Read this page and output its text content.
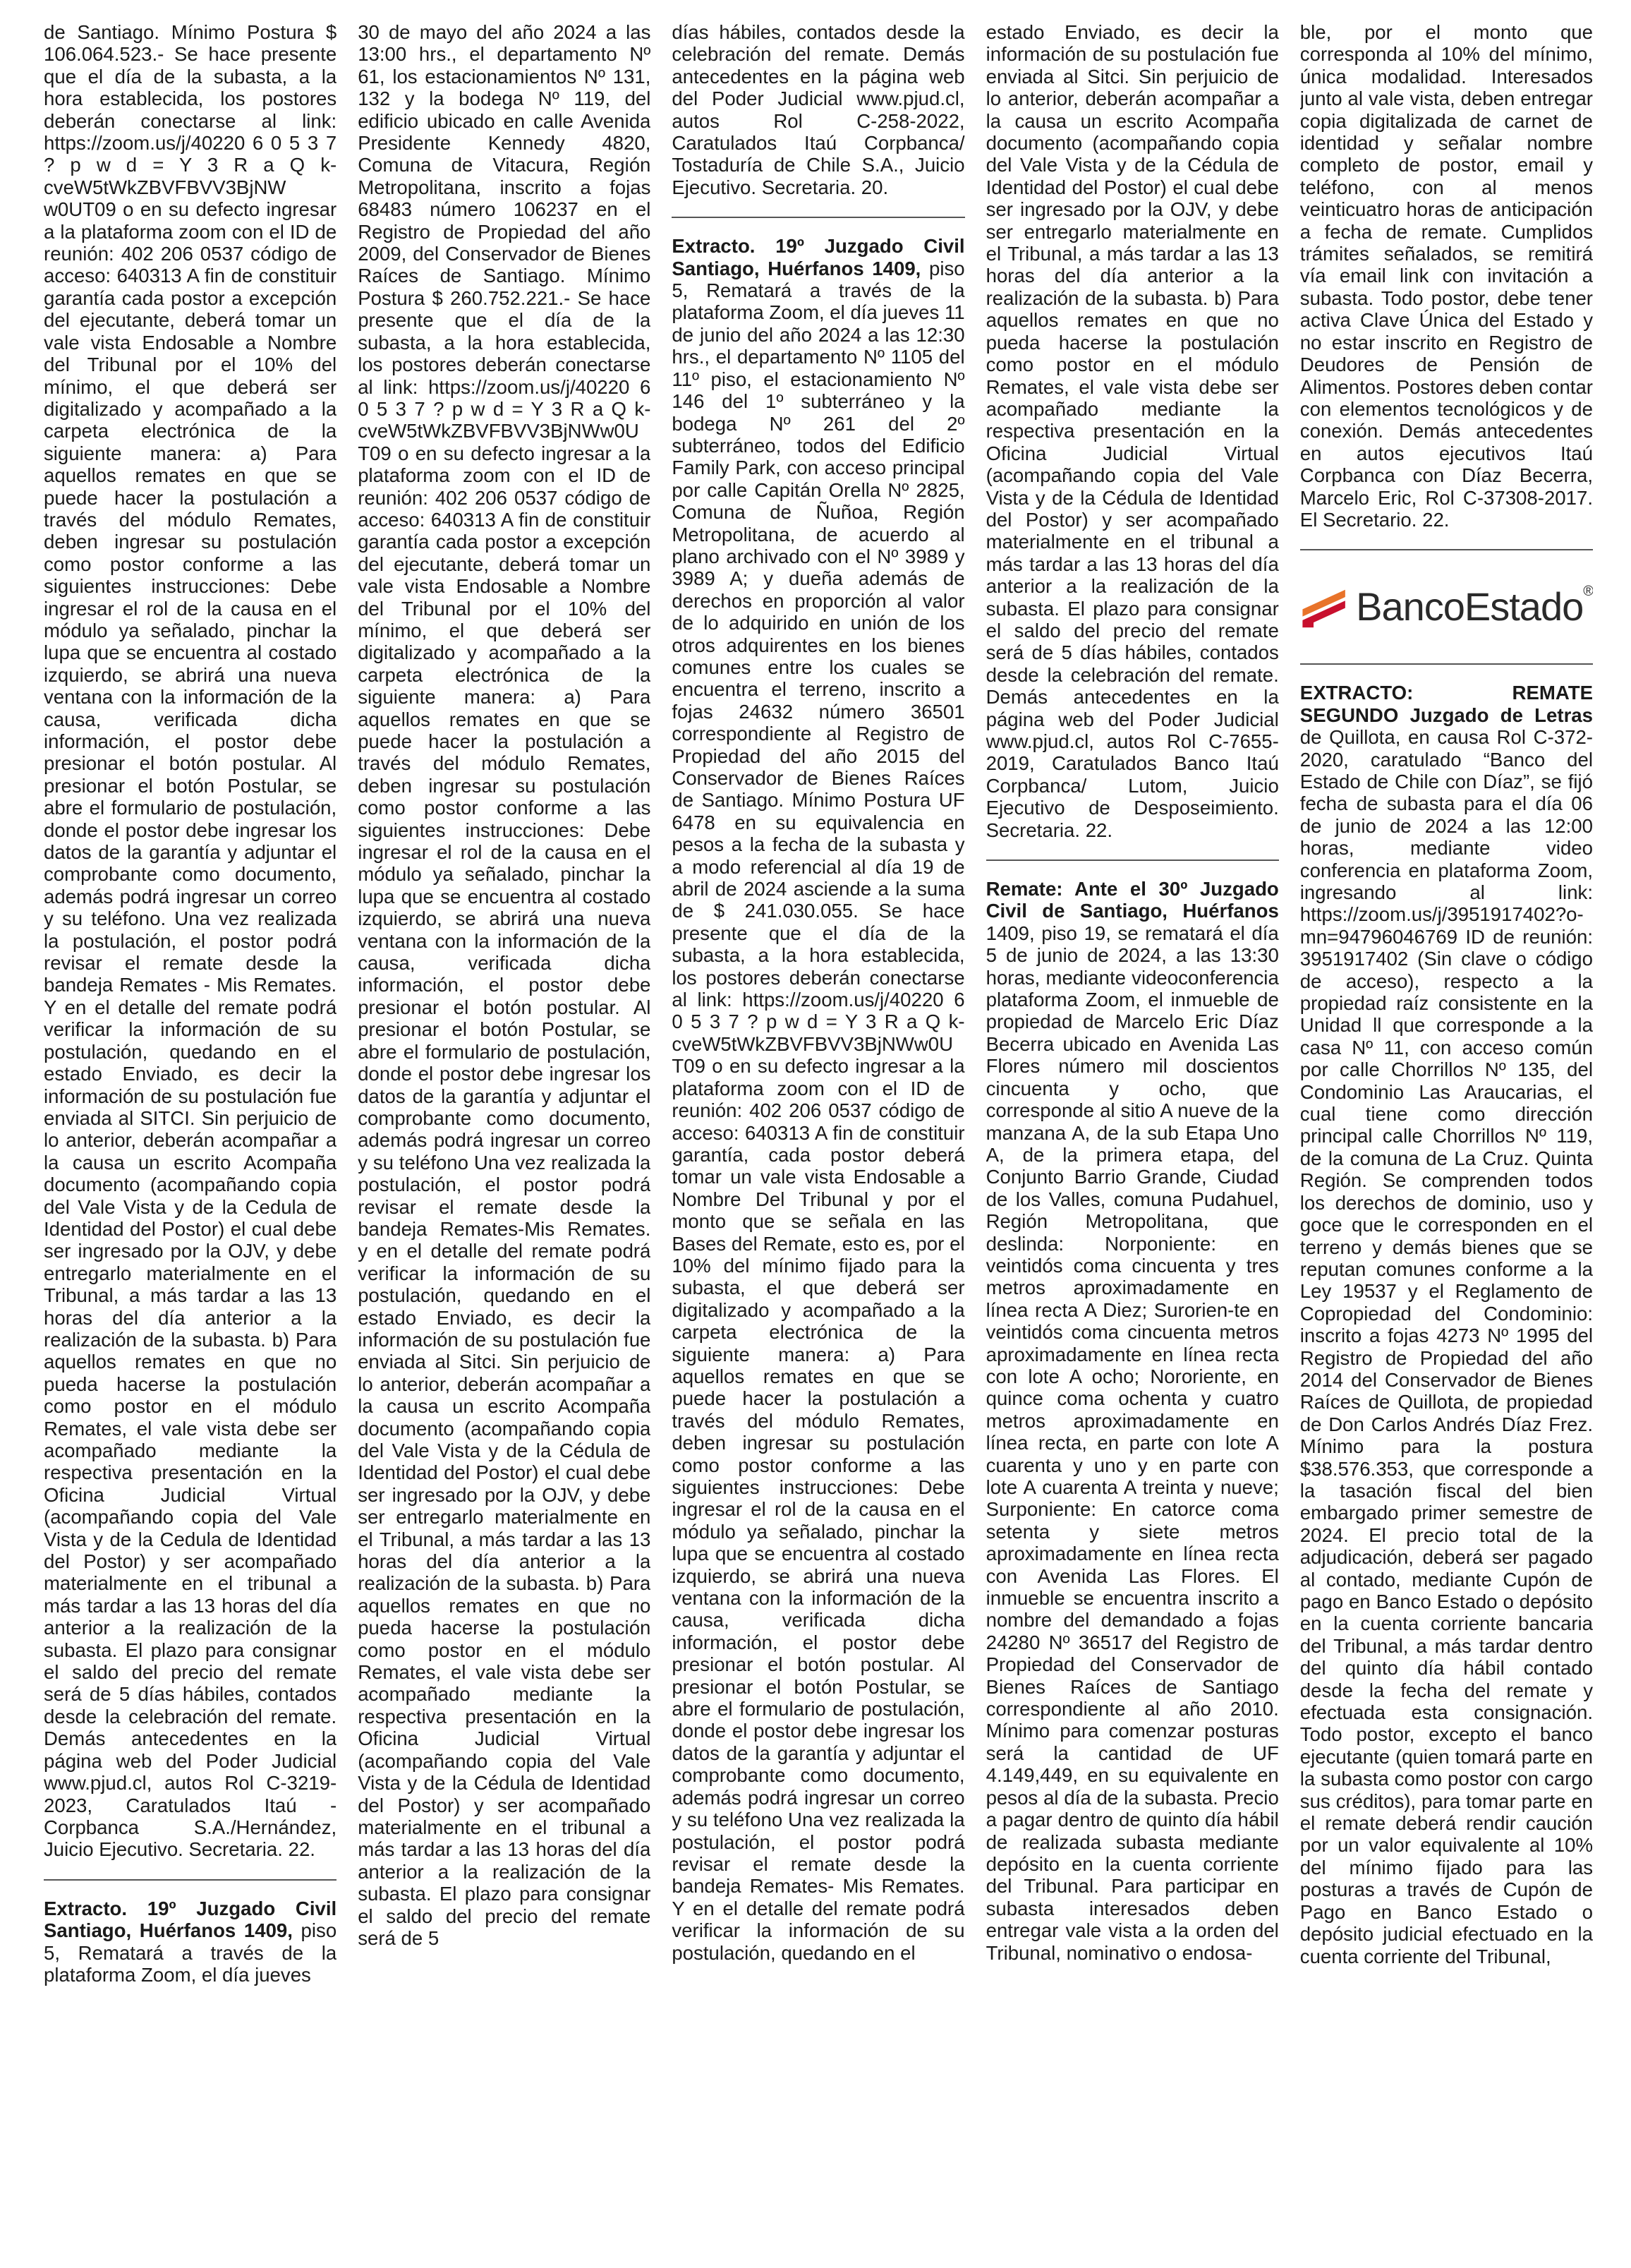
de Santiago. Mínimo Postura $ 106.064.523.- Se hace presente que el día de la subasta, a la hora establecida, los postores deberán conectarse al link: https://zoom.us/j/40220 6 0 5 3 7 ? p w d = Y 3 R a Q k-cveW5tWkZBVFBVV3BjNW w0UT09 o en su defecto ingresar a la plataforma zoom con el ID de reunión: 402 206 0537 código de acceso: 640313 A fin de constituir garantía cada postor a excepción del ejecutante, deberá tomar un vale vista Endosable a Nombre del Tribunal por el 10% del mínimo, el que deberá ser digitalizado y acompañado a la carpeta electrónica de la siguiente manera: a) Para aquellos remates en que se puede hacer la postulación a través del módulo Remates, deben ingresar su postulación como postor conforme a las siguientes instrucciones: Debe ingresar el rol de la causa en el módulo ya señalado, pinchar la lupa que se encuentra al costado izquierdo, se abrirá una nueva ventana con la información de la causa, verificada dicha información, el postor debe presionar el botón postular. Al presionar el botón Postular, se abre el formulario de postulación, donde el postor debe ingresar los datos de la garantía y adjuntar el comprobante como documento, además podrá ingresar un correo y su teléfono. Una vez realizada la postulación, el postor podrá revisar el remate desde la bandeja Remates - Mis Remates. Y en el detalle del remate podrá verificar la información de su postulación, quedando en el estado Enviado, es decir la información de su postulación fue enviada al SITCI. Sin perjuicio de lo anterior, deberán acompañar a la causa un escrito Acompaña documento (acompañando copia del Vale Vista y de la Cedula de Identidad del Postor) el cual debe ser ingresado por la OJV, y debe entregarlo materialmente en el Tribunal, a más tardar a las 13 horas del día anterior a la realización de la subasta. b) Para aquellos remates en que no pueda hacerse la postulación como postor en el módulo Remates, el vale vista debe ser acompañado mediante la respectiva presentación en la Oficina Judicial Virtual (acompañando copia del Vale Vista y de la Cedula de Identidad del Postor) y ser acompañado materialmente en el tribunal a más tardar a las 13 horas del día anterior a la realización de la subasta. El plazo para consignar el saldo del precio del remate será de 5 días hábiles, contados desde la celebración del remate. Demás antecedentes en la página web del Poder Judicial www.pjud.cl, autos Rol C-3219-2023, Caratulados Itaú - Corpbanca S.A./Hernández, Juicio Ejecutivo. Secretaria. 22.

Extracto. 19º Juzgado Civil Santiago, Huérfanos 1409, piso 5, Rematará a través de la plataforma Zoom, el día jueves

30 de mayo del año 2024 a las 13:00 hrs., el departamento Nº 61, los estacionamientos Nº 131, 132 y la bodega Nº 119, del edificio ubicado en calle Avenida Presidente Kennedy 4820, Comuna de Vitacura, Región Metropolitana, inscrito a fojas 68483 número 106237 en el Registro de Propiedad del año 2009, del Conservador de Bienes Raíces de Santiago. Mínimo Postura $ 260.752.221.- Se hace presente que el día de la subasta, a la hora establecida, los postores deberán conectarse al link: https://zoom.us/j/40220 6 0 5 3 7 ? p w d = Y 3 R a Q k-cveW5tWkZBVFBVV3BjNWw0UT09 o en su defecto ingresar a la plataforma zoom con el ID de reunión: 402 206 0537 código de acceso: 640313 A fin de constituir garantía cada postor a excepción del ejecutante, deberá tomar un vale vista Endosable a Nombre del Tribunal por el 10% del mínimo, el que deberá ser digitalizado y acompañado a la carpeta electrónica de la siguiente manera: a) Para aquellos remates en que se puede hacer la postulación a través del módulo Remates, deben ingresar su postulación como postor conforme a las siguientes instrucciones: Debe ingresar el rol de la causa en el módulo ya señalado, pinchar la lupa que se encuentra al costado izquierdo, se abrirá una nueva ventana con la información de la causa, verificada dicha información, el postor debe presionar el botón postular. Al presionar el botón Postular, se abre el formulario de postulación, donde el postor debe ingresar los datos de la garantía y adjuntar el comprobante como documento, además podrá ingresar un correo y su teléfono Una vez realizada la postulación, el postor podrá revisar el remate desde la bandeja Remates-Mis Remates. y en el detalle del remate podrá verificar la información de su postulación, quedando en el estado Enviado, es decir la información de su postulación fue enviada al Sitci. Sin perjuicio de lo anterior, deberán acompañar a la causa un escrito Acompaña documento (acompañando copia del Vale Vista y de la Cédula de Identidad del Postor) el cual debe ser ingresado por la OJV, y debe ser entregarlo materialmente en el Tribunal, a más tardar a las 13 horas del día anterior a la realización de la subasta. b) Para aquellos remates en que no pueda hacerse la postulación como postor en el módulo Remates, el vale vista debe ser acompañado mediante la respectiva presentación en la Oficina Judicial Virtual (acompañando copia del Vale Vista y de la Cédula de Identidad del Postor) y ser acompañado materialmente en el tribunal a más tardar a las 13 horas del día anterior a la realización de la subasta. El plazo para consignar el saldo del precio del remate será de 5

días hábiles, contados desde la celebración del remate. Demás antecedentes en la página web del Poder Judicial www.pjud.cl, autos Rol C-258-2022, Caratulados Itaú Corpbanca/ Tostaduría de Chile S.A., Juicio Ejecutivo. Secretaria. 20.

Extracto. 19º Juzgado Civil Santiago, Huérfanos 1409, piso 5, Rematará a través de la plataforma Zoom, el día jueves 11 de junio del año 2024 a las 12:30 hrs., el departamento Nº 1105 del 11º piso, el estacionamiento Nº 146 del 1º subterráneo y la bodega Nº 261 del 2º subterráneo, todos del Edificio Family Park, con acceso principal por calle Capitán Orella Nº 2825, Comuna de Ñuñoa, Región Metropolitana, de acuerdo al plano archivado con el Nº 3989 y 3989 A; y dueña además de derechos en proporción al valor de lo adquirido en unión de los otros adquirentes en los bienes comunes entre los cuales se encuentra el terreno, inscrito a fojas 24632 número 36501 correspondiente al Registro de Propiedad del año 2015 del Conservador de Bienes Raíces de Santiago. Mínimo Postura UF 6478 en su equivalencia en pesos a la fecha de la subasta y a modo referencial al día 19 de abril de 2024 asciende a la suma de $ 241.030.055. Se hace presente que el día de la subasta, a la hora establecida, los postores deberán conectarse al link: https://zoom.us/j/40220 6 0 5 3 7 ? p w d = Y 3 R a Q k-cveW5tWkZBVFBVV3BjNWw0UT09 o en su defecto ingresar a la plataforma zoom con el ID de reunión: 402 206 0537 código de acceso: 640313 A fin de constituir garantía, cada postor deberá tomar un vale vista Endosable a Nombre Del Tribunal y por el monto que se señala en las Bases del Remate, esto es, por el 10% del mínimo fijado para la subasta, el que deberá ser digitalizado y acompañado a la carpeta electrónica de la siguiente manera: a) Para aquellos remates en que se puede hacer la postulación a través del módulo Remates, deben ingresar su postulación como postor conforme a las siguientes instrucciones: Debe ingresar el rol de la causa en el módulo ya señalado, pinchar la lupa que se encuentra al costado izquierdo, se abrirá una nueva ventana con la información de la causa, verificada dicha información, el postor debe presionar el botón postular. Al presionar el botón Postular, se abre el formulario de postulación, donde el postor debe ingresar los datos de la garantía y adjuntar el comprobante como documento, además podrá ingresar un correo y su teléfono Una vez realizada la postulación, el postor podrá revisar el remate desde la bandeja Remates- Mis Remates. Y en el detalle del remate podrá verificar la información de su postulación, quedando en el

estado Enviado, es decir la información de su postulación fue enviada al Sitci. Sin perjuicio de lo anterior, deberán acompañar a la causa un escrito Acompaña documento (acompañando copia del Vale Vista y de la Cédula de Identidad del Postor) el cual debe ser ingresado por la OJV, y debe ser entregarlo materialmente en el Tribunal, a más tardar a las 13 horas del día anterior a la realización de la subasta. b) Para aquellos remates en que no pueda hacerse la postulación como postor en el módulo Remates, el vale vista debe ser acompañado mediante la respectiva presentación en la Oficina Judicial Virtual (acompañando copia del Vale Vista y de la Cédula de Identidad del Postor) y ser acompañado materialmente en el tribunal a más tardar a las 13 horas del día anterior a la realización de la subasta. El plazo para consignar el saldo del precio del remate será de 5 días hábiles, contados desde la celebración del remate. Demás antecedentes en la página web del Poder Judicial www.pjud.cl, autos Rol C-7655-2019, Caratulados Banco Itaú Corpbanca/ Lutom, Juicio Ejecutivo de Desposeimiento. Secretaria. 22.

Remate: Ante el 30º Juzgado Civil de Santiago, Huérfanos 1409, piso 19, se rematará el día 5 de junio de 2024, a las 13:30 horas, mediante videoconferencia plataforma Zoom, el inmueble de propiedad de Marcelo Eric Díaz Becerra ubicado en Avenida Las Flores número mil doscientos cincuenta y ocho, que corresponde al sitio A nueve de la manzana A, de la sub Etapa Uno A, de la primera etapa, del Conjunto Barrio Grande, Ciudad de los Valles, comuna Pudahuel, Región Metropolitana, que deslinda: Norponiente: en veintidós coma cincuenta y tres metros aproximadamente en línea recta A Diez; Surorien-te en veintidós coma cincuenta metros aproximadamente en línea recta con lote A ocho; Nororiente, en quince coma ochenta y cuatro metros aproximadamente en línea recta, en parte con lote A cuarenta y uno y en parte con lote A cuarenta A treinta y nueve; Surponiente: En catorce coma setenta y siete metros aproximadamente en línea recta con Avenida Las Flores. El inmueble se encuentra inscrito a nombre del demandado a fojas 24280 Nº 36517 del Registro de Propiedad del Conservador de Bienes Raíces de Santiago correspondiente al año 2010. Mínimo para comenzar posturas será la cantidad de UF 4.149,449, en su equivalente en pesos al día de la subasta. Precio a pagar dentro de quinto día hábil de realizada subasta mediante depósito en la cuenta corriente del Tribunal. Para participar en subasta interesados deben entregar vale vista a la orden del Tribunal, nominativo o endosa-

ble, por el monto que corresponda al 10% del mínimo, única modalidad. Interesados junto al vale vista, deben entregar copia digitalizada de carnet de identidad y señalar nombre completo de postor, email y teléfono, con al menos veinticuatro horas de anticipación a fecha de remate. Cumplidos trámites señalados, se remitirá vía email link con invitación a subasta. Todo postor, debe tener activa Clave Única del Estado y no estar inscrito en Registro de Deudores de Pensión de Alimentos. Postores deben contar con elementos tecnológicos y de conexión. Demás antecedentes en autos ejecutivos Itaú Corpbanca con Díaz Becerra, Marcelo Eric, Rol C-37308-2017. El Secretario. 22.

BancoEstado®

EXTRACTO: REMATE SEGUNDO Juzgado de Letras de Quillota, en causa Rol C-372-2020, caratulado “Banco del Estado de Chile con Díaz”, se fijó fecha de subasta para el día 06 de junio de 2024 a las 12:00 horas, mediante video conferencia en plataforma Zoom, ingresando al link: https://zoom.us/j/3951917402?o-mn=94796046769 ID de reunión: 3951917402 (Sin clave o código de acceso), respecto a la propiedad raíz consistente en la Unidad ll que corresponde a la casa Nº 11, con acceso común por calle Chorrillos Nº 135, del Condominio Las Araucarias, el cual tiene como dirección principal calle Chorrillos Nº 119, de la comuna de La Cruz. Quinta Región. Se comprenden todos los derechos de dominio, uso y goce que le corresponden en el terreno y demás bienes que se reputan comunes conforme a la Ley 19537 y el Reglamento de Copropiedad del Condominio: inscrito a fojas 4273 Nº 1995 del Registro de Propiedad del año 2014 del Conservador de Bienes Raíces de Quillota, de propiedad de Don Carlos Andrés Díaz Frez. Mínimo para la postura $38.576.353, que corresponde a la tasación fiscal del bien embargado primer semestre de 2024. El precio total de la adjudicación, deberá ser pagado al contado, mediante Cupón de pago en Banco Estado o depósito en la cuenta corriente bancaria del Tribunal, a más tardar dentro del quinto día hábil contado desde la fecha del remate y efectuada esta consignación. Todo postor, excepto el banco ejecutante (quien tomará parte en la subasta como postor con cargo sus créditos), para tomar parte en el remate deberá rendir caución por un valor equivalente al 10% del mínimo fijado para las posturas a través de Cupón de Pago en Banco Estado o depósito judicial efectuado en la cuenta corriente del Tribunal,
